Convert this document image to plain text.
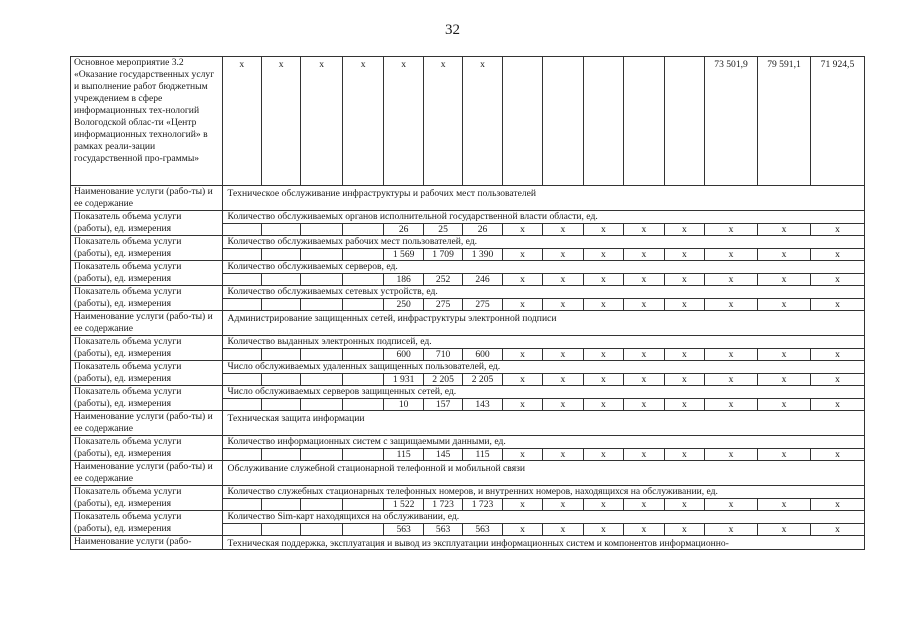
32
Основное мероприятие 3.2 «Оказание государственных услуг и выполнение работ бюджетным учреждением в сфере информационных тех-нологий Вологодской облас-ти «Центр информационных технологий» в рамках реали-зации государственной про-граммы»	х	х	х	х	х	х	х						73 501,9	79 591,1	71 924,5
Наименование услуги (рабо-ты) и ее содержание	Техническое обслуживание инфраструктуры и рабочих мест пользователей														
Показатель объема услуги (работы), ед. измерения	Количество обслуживаемых органов исполнительной государственной власти области, ед.														
					26	25	26	х	х	х	х	х	х	х	х
Показатель объема услуги (работы), ед. измерения	Количество обслуживаемых рабочих мест пользователей, ед.														
					1 569	1 709	1 390	х	х	х	х	х	х	х	х
Показатель объема услуги (работы), ед. измерения	Количество обслуживаемых серверов, ед.														
					186	252	246	х	х	х	х	х	х	х	х
Показатель объема услуги (работы), ед. измерения	Количество обслуживаемых сетевых устройств, ед.														
					250	275	275	х	х	х	х	х	х	х	х
Наименование услуги (рабо-ты) и ее содержание	Администрирование защищенных сетей, инфраструктуры электронной подписи														
Показатель объема услуги (работы), ед. измерения	Количество выданных электронных подписей, ед.														
					600	710	600	х	х	х	х	х	х	х	х
Показатель объема услуги (работы), ед. измерения	Число обслуживаемых удаленных защищенных пользователей, ед.														
					1 931	2 205	2 205	х	х	х	х	х	х	х	х
Показатель объема услуги (работы), ед. измерения	Число обслуживаемых серверов защищенных сетей, ед.														
					10	157	143	х	х	х	х	х	х	х	х
Наименование услуги (рабо-ты) и ее содержание	Техническая защита информации														
Показатель объема услуги (работы), ед. измерения	Количество информационных систем с защищаемыми данными, ед.														
					115	145	115	х	х	х	х	х	х	х	х
Наименование услуги (рабо-ты) и ее содержание	Обслуживание служебной стационарной телефонной и мобильной связи														
Показатель объема услуги (работы), ед. измерения	Количество служебных стационарных телефонных номеров, и внутренних номеров, находящихся на обслуживании, ед.														
					1 522	1 723	1 723	х	х	х	х	х	х	х	х
Показатель объема услуги (работы), ед. измерения	Количество Sim-карт находящихся на обслуживании, ед.														
					563	563	563	х	х	х	х	х	х	х	х
Наименование услуги (рабо-	Техническая поддержка, эксплуатация и вывод из эксплуатации информационных систем и компонентов информационно-														
